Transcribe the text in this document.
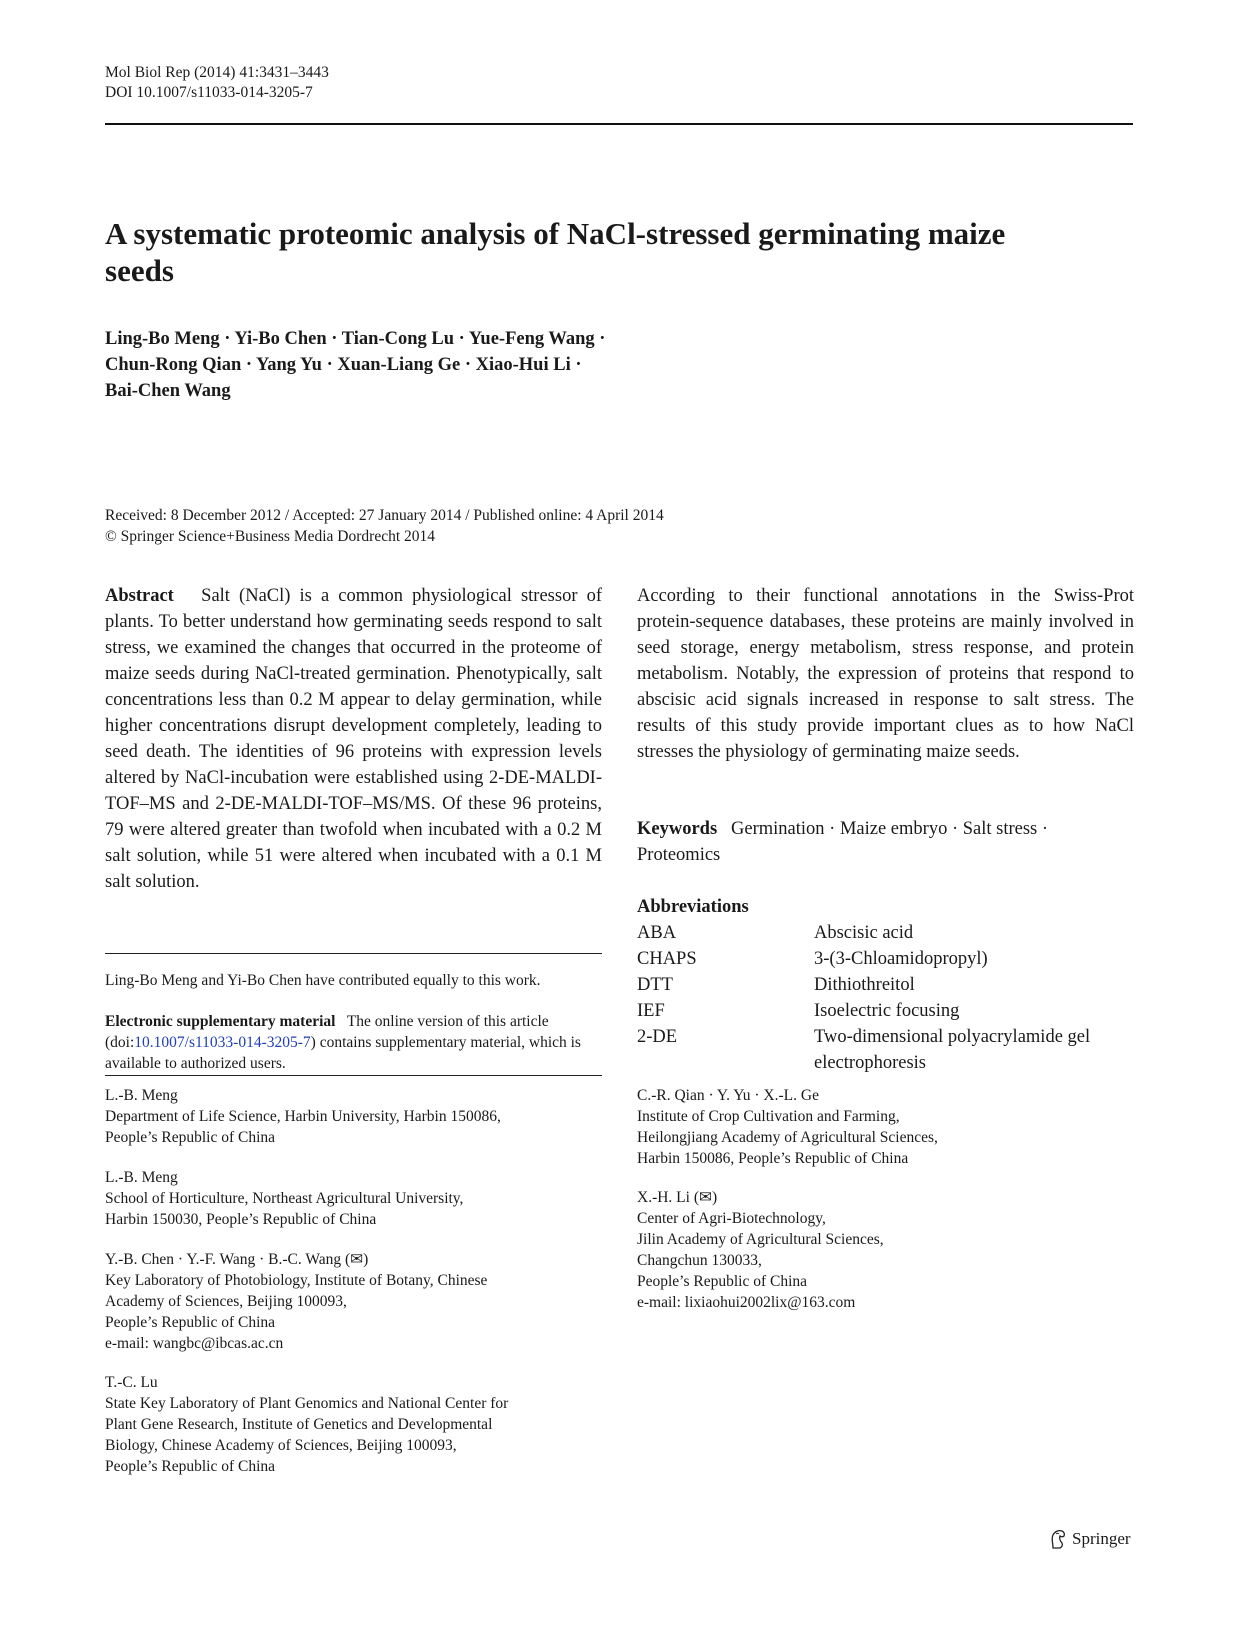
Mol Biol Rep (2014) 41:3431–3443
DOI 10.1007/s11033-014-3205-7
A systematic proteomic analysis of NaCl-stressed germinating maize seeds
Ling-Bo Meng · Yi-Bo Chen · Tian-Cong Lu · Yue-Feng Wang ·
Chun-Rong Qian · Yang Yu · Xuan-Liang Ge · Xiao-Hui Li ·
Bai-Chen Wang
Received: 8 December 2012 / Accepted: 27 January 2014 / Published online: 4 April 2014
© Springer Science+Business Media Dordrecht 2014
Abstract Salt (NaCl) is a common physiological stressor of plants. To better understand how germinating seeds respond to salt stress, we examined the changes that occurred in the proteome of maize seeds during NaCl-treated germination. Phenotypically, salt concentrations less than 0.2 M appear to delay germination, while higher concentrations disrupt development completely, leading to seed death. The identities of 96 proteins with expression levels altered by NaCl-incubation were established using 2-DE-MALDI-TOF–MS and 2-DE-MALDI-TOF–MS/MS. Of these 96 proteins, 79 were altered greater than twofold when incubated with a 0.2 M salt solution, while 51 were altered when incubated with a 0.1 M salt solution.
According to their functional annotations in the Swiss-Prot protein-sequence databases, these proteins are mainly involved in seed storage, energy metabolism, stress response, and protein metabolism. Notably, the expression of proteins that respond to abscisic acid signals increased in response to salt stress. The results of this study provide important clues as to how NaCl stresses the physiology of germinating maize seeds.
Keywords Germination · Maize embryo · Salt stress · Proteomics
Abbreviations
ABA	Abscisic acid
CHAPS	3-(3-Chloamidopropyl)
DTT	Dithiothreitol
IEF	Isoelectric focusing
2-DE	Two-dimensional polyacrylamide gel electrophoresis
Ling-Bo Meng and Yi-Bo Chen have contributed equally to this work.
Electronic supplementary material The online version of this article (doi:10.1007/s11033-014-3205-7) contains supplementary material, which is available to authorized users.
L.-B. Meng
Department of Life Science, Harbin University, Harbin 150086,
People’s Republic of China
L.-B. Meng
School of Horticulture, Northeast Agricultural University,
Harbin 150030, People’s Republic of China
Y.-B. Chen · Y.-F. Wang · B.-C. Wang (✉)
Key Laboratory of Photobiology, Institute of Botany, Chinese
Academy of Sciences, Beijing 100093,
People’s Republic of China
e-mail: wangbc@ibcas.ac.cn
T.-C. Lu
State Key Laboratory of Plant Genomics and National Center for
Plant Gene Research, Institute of Genetics and Developmental
Biology, Chinese Academy of Sciences, Beijing 100093,
People’s Republic of China
C.-R. Qian · Y. Yu · X.-L. Ge
Institute of Crop Cultivation and Farming,
Heilongjiang Academy of Agricultural Sciences,
Harbin 150086, People’s Republic of China
X.-H. Li (✉)
Center of Agri-Biotechnology,
Jilin Academy of Agricultural Sciences,
Changchun 130033,
People’s Republic of China
e-mail: lixiaohui2002lix@163.com
Springer
